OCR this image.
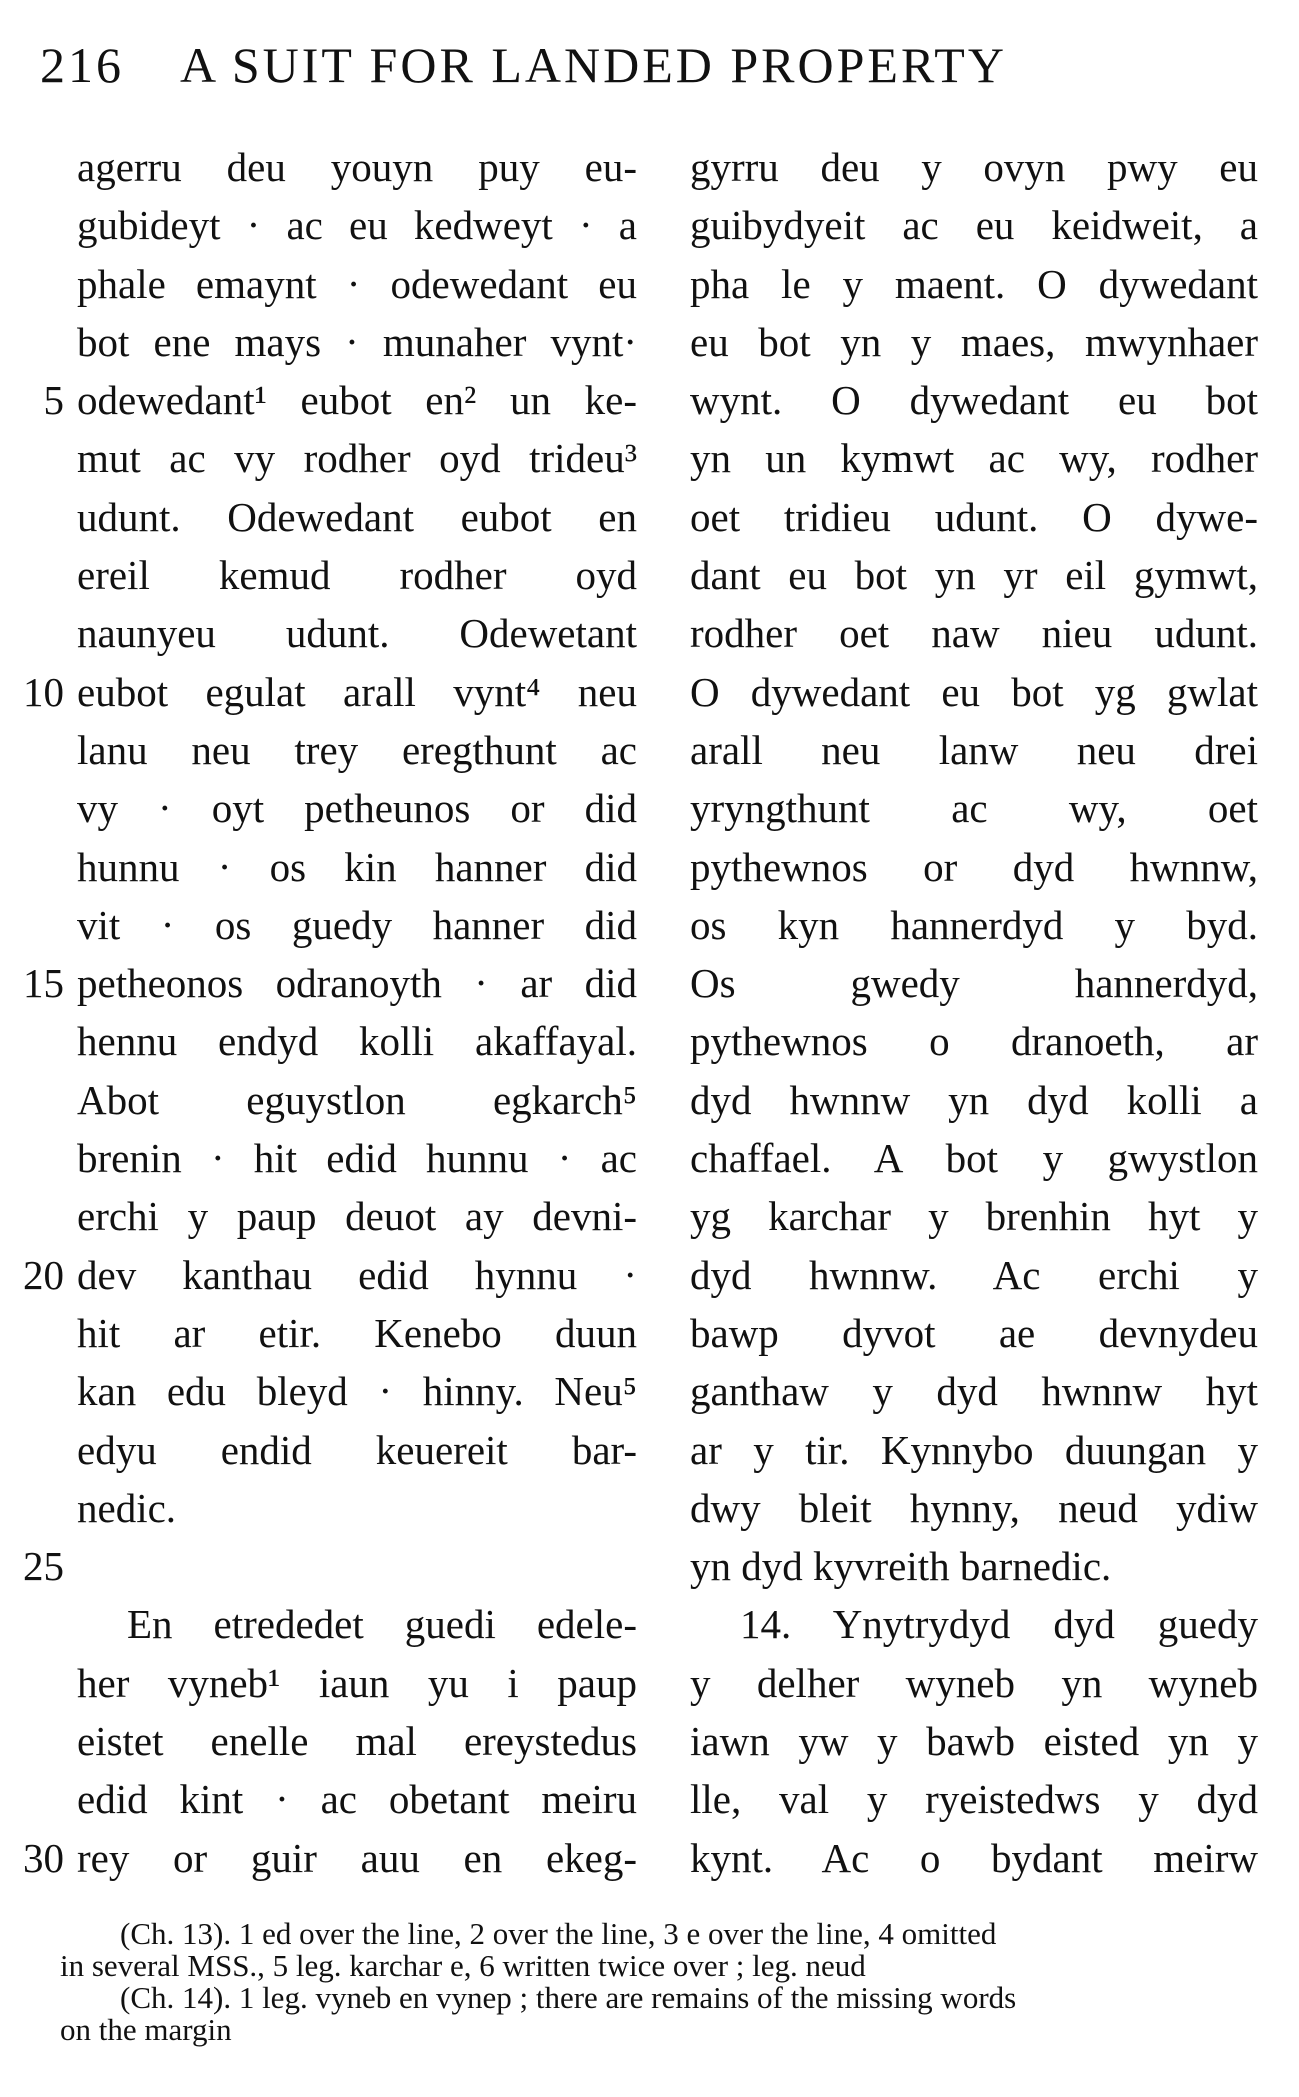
216 A SUIT FOR LANDED PROPERTY
5
10
15
20
25
30
agerru deu youyn puy eu-
gubideyt · ac eu kedweyt · a
phale emaynt · odewedant eu
bot ene mays · munaher vynt·
odewedant¹ eubot en² un ke-
mut ac vy rodher oyd trideu³
udunt. Odewedant eubot en
ereil kemud rodher oyd
naunyeu udunt. Odewetant
eubot egulat arall vynt⁴ neu
lanu neu trey eregthunt ac
vy · oyt petheunos or did
hunnu · os kin hanner did
vit · os guedy hanner did
petheonos odranoyth · ar did
hennu endyd kolli akaffayal.
Abot eguystlon egkarch⁵
brenin · hit edid hunnu · ac
erchi y paup deuot ay devni-
dev kanthau edid hynnu ·
hit ar etir. Kenebo duun
kan edu bleyd · hinny. Neu⁵
edyu endid keuereit bar-
nedic.
En etrededet guedi edele-
her vyneb¹ iaun yu i paup
eistet enelle mal ereystedus
edid kint · ac obetant meiru
rey or guir auu en ekeg-
gyrru deu y ovyn pwy eu
guibydyeit ac eu keidweit, a
pha le y maent. O dywedant
eu bot yn y maes, mwynhaer
wynt. O dywedant eu bot
yn un kymwt ac wy, rodher
oet tridieu udunt. O dywe-
dant eu bot yn yr eil gymwt,
rodher oet naw nieu udunt.
O dywedant eu bot yg gwlat
arall neu lanw neu drei
yryngthunt ac wy, oet
pythewnos or dyd hwnnw,
os kyn hannerdyd y byd.
Os gwedy hannerdyd,
pythewnos o dranoeth, ar
dyd hwnnw yn dyd kolli a
chaffael. A bot y gwystlon
yg karchar y brenhin hyt y
dyd hwnnw. Ac erchi y
bawp dyvot ae devnydeu
ganthaw y dyd hwnnw hyt
ar y tir. Kynnybo duungan y
dwy bleit hynny, neud ydiw
yn dyd kyvreith barnedic.
14. Ynytrydyd dyd guedy
y delher wyneb yn wyneb
iawn yw y bawb eisted yn y
lle, val y ryeistedws y dyd
kynt. Ac o bydant meirw
(Ch. 13). 1 ed over the line, 2 over the line, 3 e over the line, 4 omitted
in several MSS., 5 leg. karchar e, 6 written twice over ; leg. neud
(Ch. 14). 1 leg. vyneb en vynep ; there are remains of the missing words
on the margin
